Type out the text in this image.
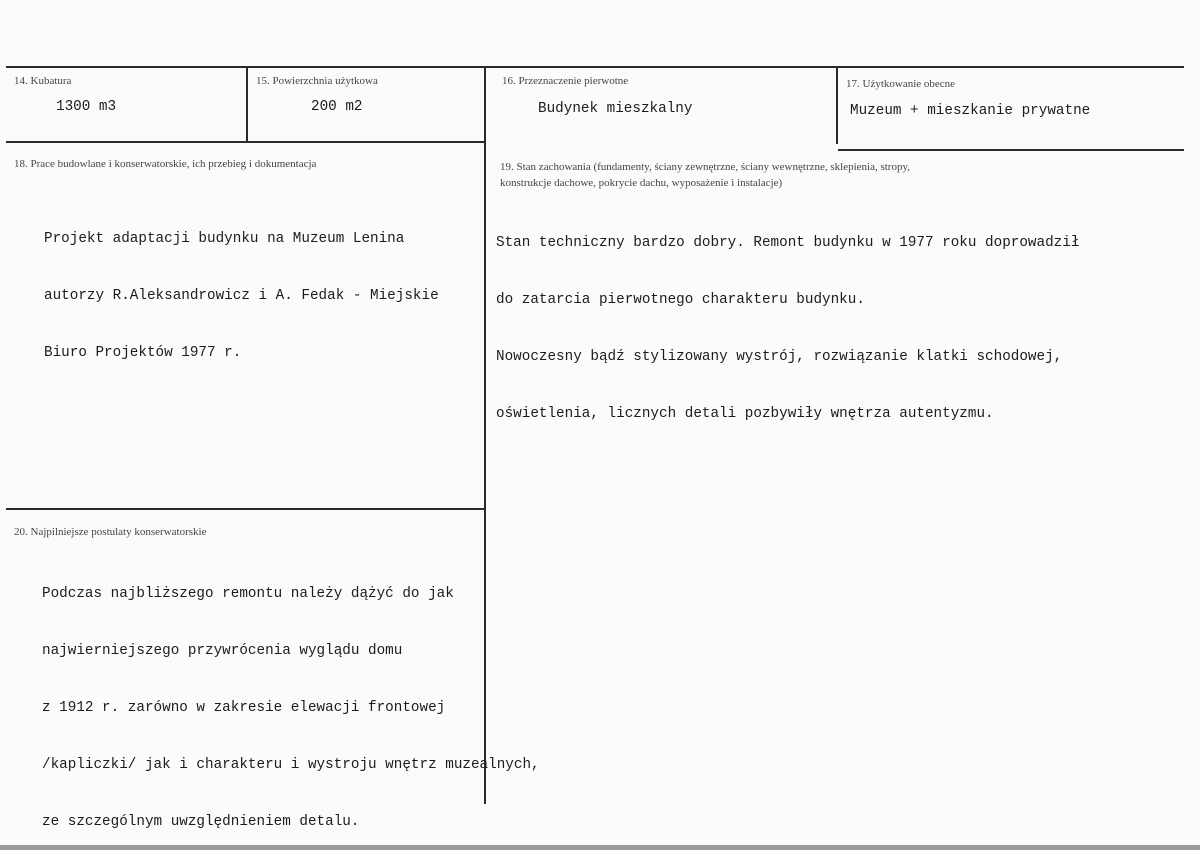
14. Kubatura
1300 m3
15. Powierzchnia użytkowa
200 m2
16. Przeznaczenie pierwotne
Budynek mieszkalny
17. Użytkowanie obecne
Muzeum + mieszkanie prywatne
18. Prace budowlane i konserwatorskie, ich przebieg i dokumentacja

Projekt adaptacji budynku na Muzeum Lenina

autorzy R.Aleksandrowicz i A. Fedak - Miejskie

Biuro Projektów 1977 r.

19. Stan zachowania (fundamenty, ściany zewnętrzne, ściany wewnętrzne, sklepienia, stropy,
konstrukcje dachowe, pokrycie dachu, wyposażenie i instalacje)

Stan techniczny bardzo dobry. Remont budynku w 1977 roku doprowadził

do zatarcia pierwotnego charakteru budynku.

Nowoczesny bądź stylizowany wystrój, rozwiązanie klatki schodowej,

oświetlenia, licznych detali pozbywiły wnętrza autentyzmu.

20. Najpilniejsze postulaty konserwatorskie

Podczas najbliższego remontu należy dążyć do jak

najwierniejszego przywrócenia wyglądu domu

z 1912 r. zarówno w zakresie elewacji frontowej

/kapliczki/ jak i charakteru i wystroju wnętrz muzealnych,

ze szczególnym uwzględnieniem detalu.
